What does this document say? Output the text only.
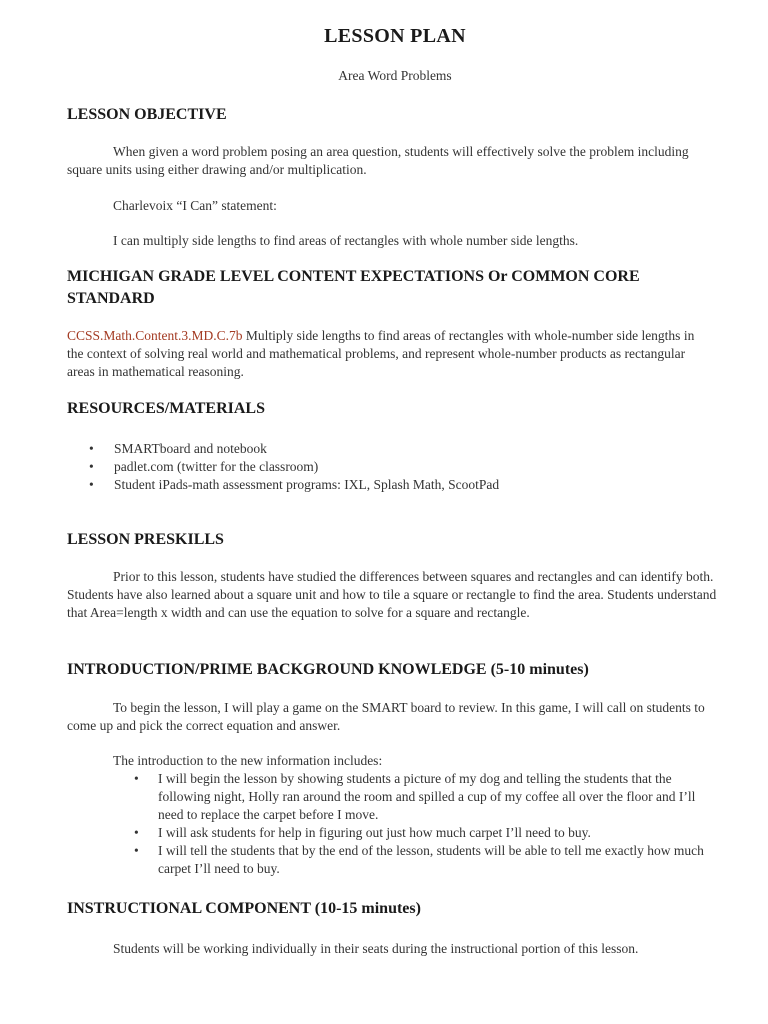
LESSON PLAN
Area Word Problems
LESSON OBJECTIVE

When given a word problem posing an area question, students will effectively solve the problem including square units using either drawing and/or multiplication.

Charlevoix “I Can” statement:

I can multiply side lengths to find areas of rectangles with whole number side lengths.

MICHIGAN GRADE LEVEL CONTENT EXPECTATIONS Or COMMON CORE STANDARD

CCSS.Math.Content.3.MD.C.7b Multiply side lengths to find areas of rectangles with whole-number side lengths in the context of solving real world and mathematical problems, and represent whole-number products as rectangular areas in mathematical reasoning.

RESOURCES/MATERIALS
• SMARTboard and notebook
• padlet.com (twitter for the classroom)
• Student iPads-math assessment programs: IXL, Splash Math, ScootPad
LESSON PRESKILLS

Prior to this lesson, students have studied the differences between squares and rectangles and can identify both. Students have also learned about a square unit and how to tile a square or rectangle to find the area. Students understand that Area=length x width and can use the equation to solve for a square and rectangle.

INTRODUCTION/PRIME BACKGROUND KNOWLEDGE (5-10 minutes)

To begin the lesson, I will play a game on the SMART board to review. In this game, I will call on students to come up and pick the correct equation and answer.

The introduction to the new information includes:

• I will begin the lesson by showing students a picture of my dog and telling the students that the following night, Holly ran around the room and spilled a cup of my coffee all over the floor and I’ll need to replace the carpet before I move.
• I will ask students for help in figuring out just how much carpet I’ll need to buy.
• I will tell the students that by the end of the lesson, students will be able to tell me exactly how much carpet I’ll need to buy.
INSTRUCTIONAL COMPONENT (10-15 minutes)

Students will be working individually in their seats during the instructional portion of this lesson.
